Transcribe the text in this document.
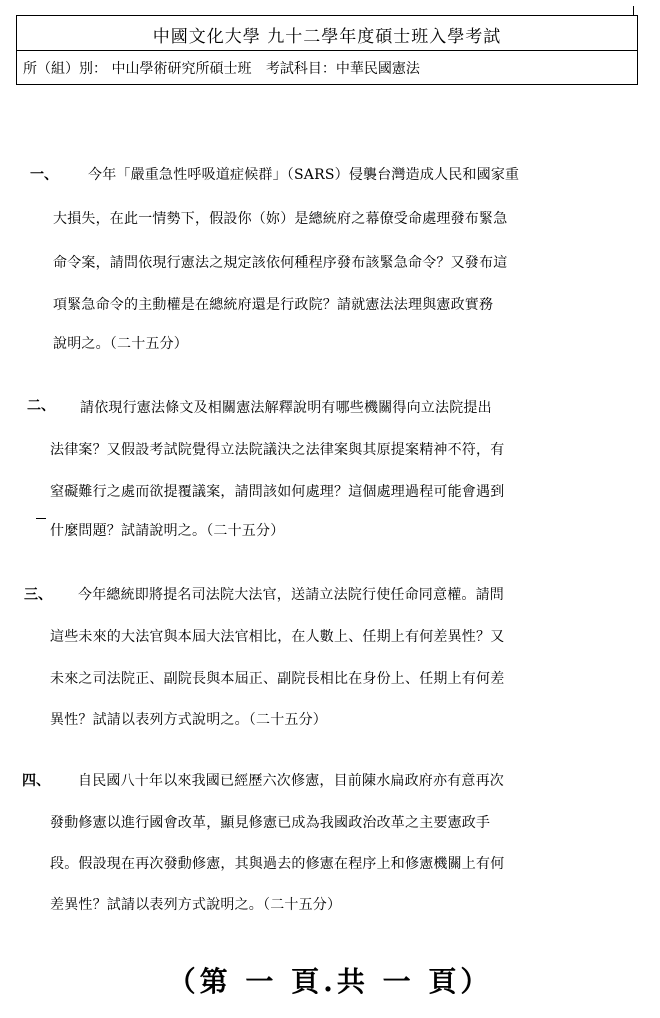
中國文化大學 九十二學年度碩士班入學考試
所（組）別： 中山學術研究所碩士班 考試科目：中華民國憲法
一、 今年「嚴重急性呼吸道症候群」（SARS）侵襲台灣造成人民和國家重
大損失，在此一情勢下，假設你（妳）是總統府之幕僚受命處理發布緊急
命令案，請問依現行憲法之規定該依何種程序發布該緊急命令？又發布這
項緊急命令的主動權是在總統府還是行政院？請就憲法法理與憲政實務
說明之。（二十五分）
二、 請依現行憲法條文及相關憲法解釋說明有哪些機關得向立法院提出
法律案？又假設考試院覺得立法院議決之法律案與其原提案精神不符，有
窒礙難行之處而欲提覆議案，請問該如何處理？這個處理過程可能會遇到
什麼問題？試請說明之。（二十五分）
三、 今年總統即將提名司法院大法官，送請立法院行使任命同意權。請問
這些未來的大法官與本屆大法官相比，在人數上、任期上有何差異性？又
未來之司法院正、副院長與本屆正、副院長相比在身份上、任期上有何差
異性？試請以表列方式說明之。（二十五分）
四、 自民國八十年以來我國已經歷六次修憲，目前陳水扁政府亦有意再次
發動修憲以進行國會改革，顯見修憲已成為我國政治改革之主要憲政手
段。假設現在再次發動修憲，其與過去的修憲在程序上和修憲機關上有何
差異性？試請以表列方式說明之。（二十五分）
（第 一 頁.共 一 頁）
